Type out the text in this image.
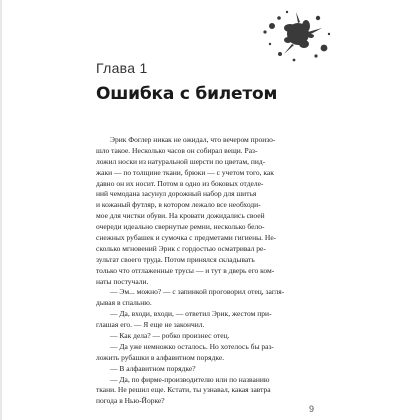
Глава 1
Ошибка с билетом
Эрик Фоглер никак не ожидал, что вечером произо-
шло такое. Несколько часов он собирал вещи. Раз-
ложил носки из натуральной шерсти по цветам, пид-
жаки — по толщине ткани, брюки — с учетом того, как
давно он их носит. Потом в одно из боковых отделе-
ний чемодана засунул дорожный набор для шитья
и кожаный футляр, в котором лежало все необходи-
мое для чистки обуви. На кровати дожидались своей
очереди идеально свернутые ремни, несколько бело-
снежных рубашек и сумочка с предметами гигиены. Не-
сколько мгновений Эрик с гордостью осматривал ре-
зультат своего труда. Потом принялся складывать
только что отглаженные трусы — и тут в дверь его ком-
наты постучали.
— Эм... можно? — с запинкой проговорил отец, загля-
дывая в спальню.
— Да, входи, входи, — ответил Эрик, жестом при-
глашая его. — Я еще не закончил.
— Как дела? — робко произнес отец.
— Да уже немножко осталось. Но хотелось бы раз-
ложить рубашки в алфавитном порядке.
— В алфавитном порядке?
— Да, по фирме-производителю или по названию
ткани. Не решил еще. Кстати, ты узнавал, какая завтра
погода в Нью-Йорке?
9
